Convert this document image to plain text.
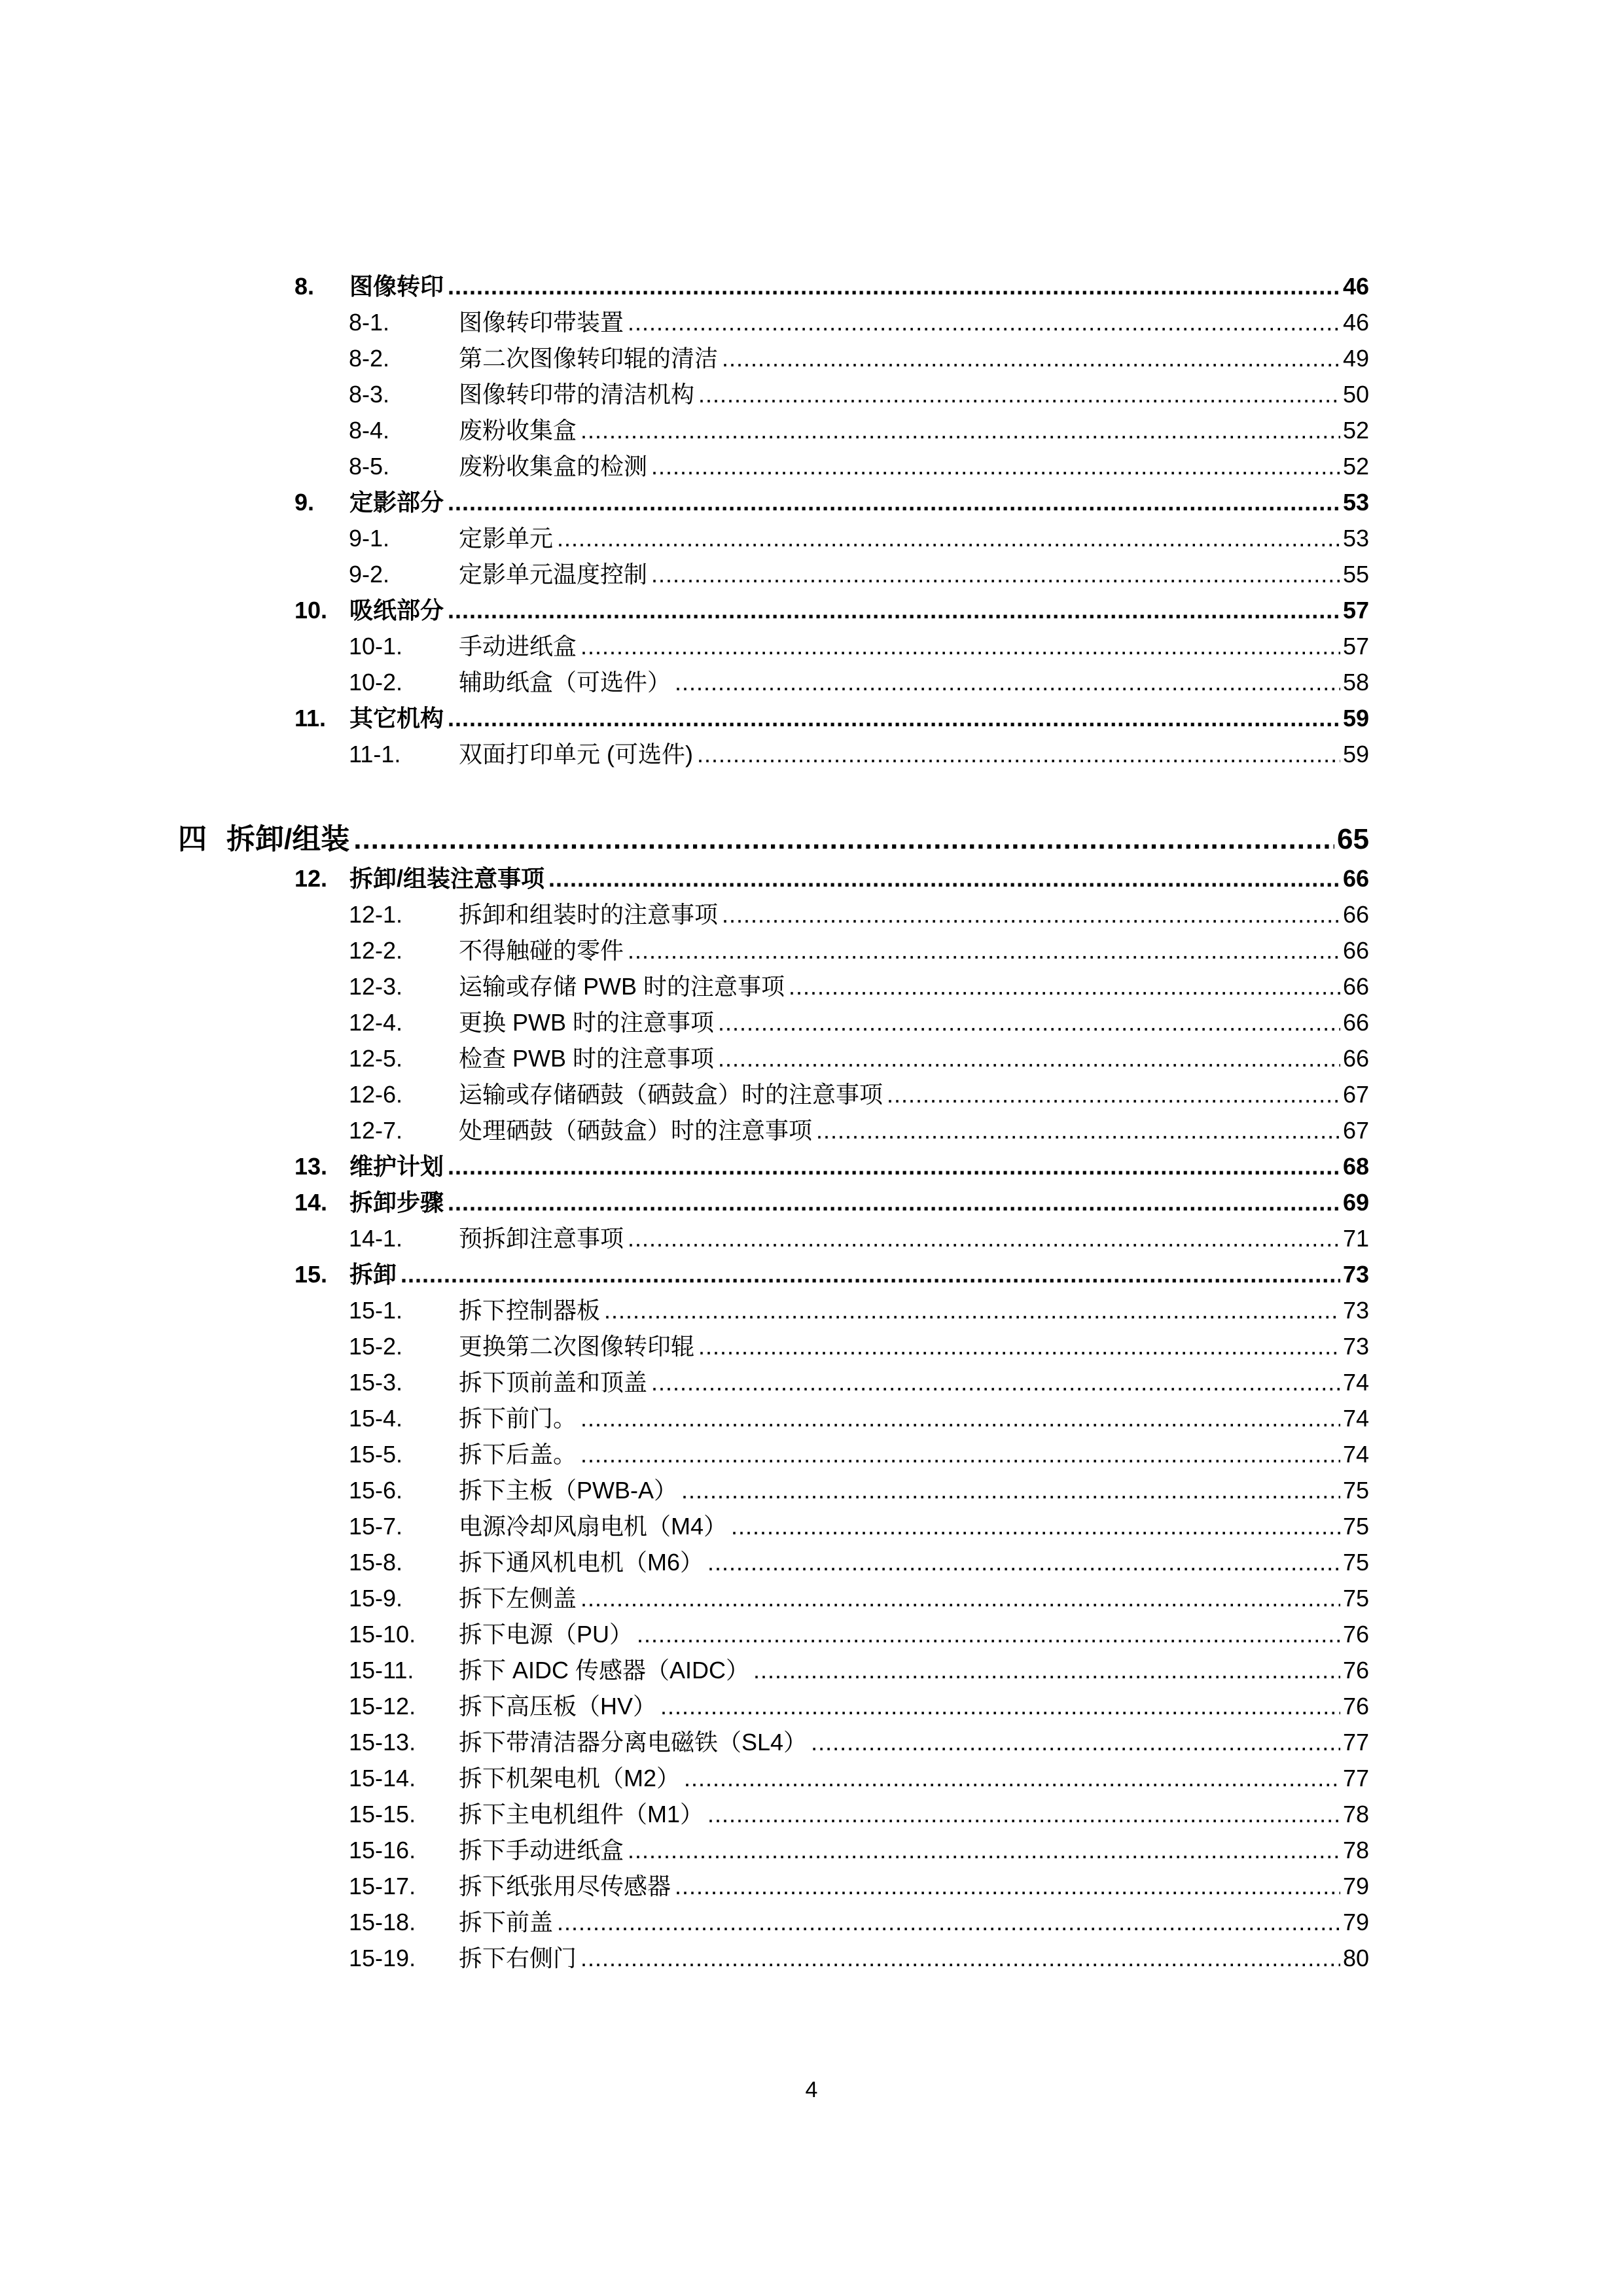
8.	图像转印 .....	46
8-1.	图像转印带装置 .....	46
8-2.	第二次图像转印辊的清洁 .....	49
8-3.	图像转印带的清洁机构 .....	50
8-4.	废粉收集盒 .....	52
8-5.	废粉收集盒的检测 .....	52
9.	定影部分 .....	53
9-1.	定影单元 .....	53
9-2.	定影单元温度控制 .....	55
10. 吸纸部分 .....	57
10-1.	手动进纸盒 .....	57
10-2.	辅助纸盒（可选件） .....	58
11. 其它机构 .....	59
11-1.	双面打印单元 (可选件) .....	59
四 拆卸/组装 .....	65
12. 拆卸/组装注意事项 .....	66
12-1.	拆卸和组装时的注意事项 .....	66
12-2.	不得触碰的零件 .....	66
12-3.	运输或存储 PWB 时的注意事项 .....	66
12-4.	更换 PWB 时的注意事项 .....	66
12-5.	检查 PWB 时的注意事项 .....	66
12-6.	运输或存储硒鼓（硒鼓盒）时的注意事项 .....	67
12-7.	处理硒鼓（硒鼓盒）时的注意事项 .....	67
13. 维护计划 .....	68
14. 拆卸步骤 .....	69
14-1.	预拆卸注意事项 .....	71
15. 拆卸 .....	73
15-1.	拆下控制器板 .....	73
15-2.	更换第二次图像转印辊 .....	73
15-3.	拆下顶前盖和顶盖 .....	74
15-4.	拆下前门。 .....	74
15-5.	拆下后盖。 .....	74
15-6.	拆下主板（PWB-A） .....	75
15-7.	电源冷却风扇电机（M4） .....	75
15-8.	拆下通风机电机（M6） .....	75
15-9.	拆下左侧盖 .....	75
15-10.	拆下电源（PU） .....	76
15-11.	拆下 AIDC 传感器（AIDC） .....	76
15-12.	拆下高压板（HV） .....	76
15-13.	拆下带清洁器分离电磁铁（SL4） .....	77
15-14.	拆下机架电机（M2） .....	77
15-15.	拆下主电机组件（M1） .....	78
15-16.	拆下手动进纸盒 .....	78
15-17.	拆下纸张用尽传感器 .....	79
15-18.	拆下前盖 .....	79
15-19.	拆下右侧门 .....	80
4
